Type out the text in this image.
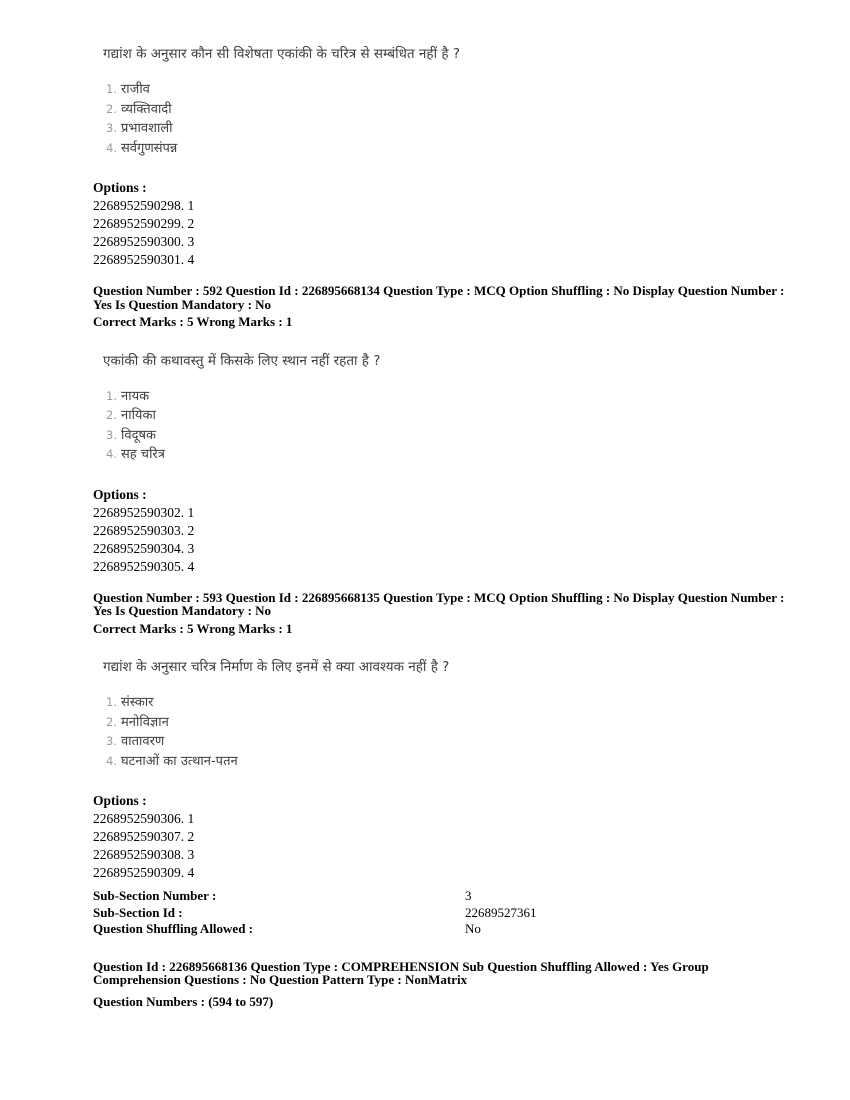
गद्यांश के अनुसार कौन सी विशेषता एकांकी के चरित्र से सम्बंधित नहीं है ?

1. राजीव
2. व्यक्तिवादी
3. प्रभावशाली
4. सर्वगुणसंपन्न

Options :

2268952590298. 1
2268952590299. 2
2268952590300. 3
2268952590301. 4

Question Number : 592 Question Id : 226895668134 Question Type : MCQ Option Shuffling : No Display Question Number : Yes Is Question Mandatory : No

Correct Marks : 5 Wrong Marks : 1

एकांकी की कथावस्तु में किसके लिए स्थान नहीं रहता है ?

1. नायक
2. नायिका
3. विदूषक
4. सह चरित्र

Options :

2268952590302. 1
2268952590303. 2
2268952590304. 3
2268952590305. 4

Question Number : 593 Question Id : 226895668135 Question Type : MCQ Option Shuffling : No Display Question Number : Yes Is Question Mandatory : No

Correct Marks : 5 Wrong Marks : 1

गद्यांश के अनुसार चरित्र निर्माण के लिए इनमें से क्या आवश्यक नहीं है ?

1. संस्कार
2. मनोविज्ञान
3. वातावरण
4. घटनाओं का उत्थान-पतन

Options :

2268952590306. 1
2268952590307. 2
2268952590308. 3
2268952590309. 4
Sub-Section Number :	3
Sub-Section Id :	22689527361
Question Shuffling Allowed :	No

Question Id : 226895668136 Question Type : COMPREHENSION Sub Question Shuffling Allowed : Yes Group Comprehension Questions : No Question Pattern Type : NonMatrix

Question Numbers : (594 to 597)
